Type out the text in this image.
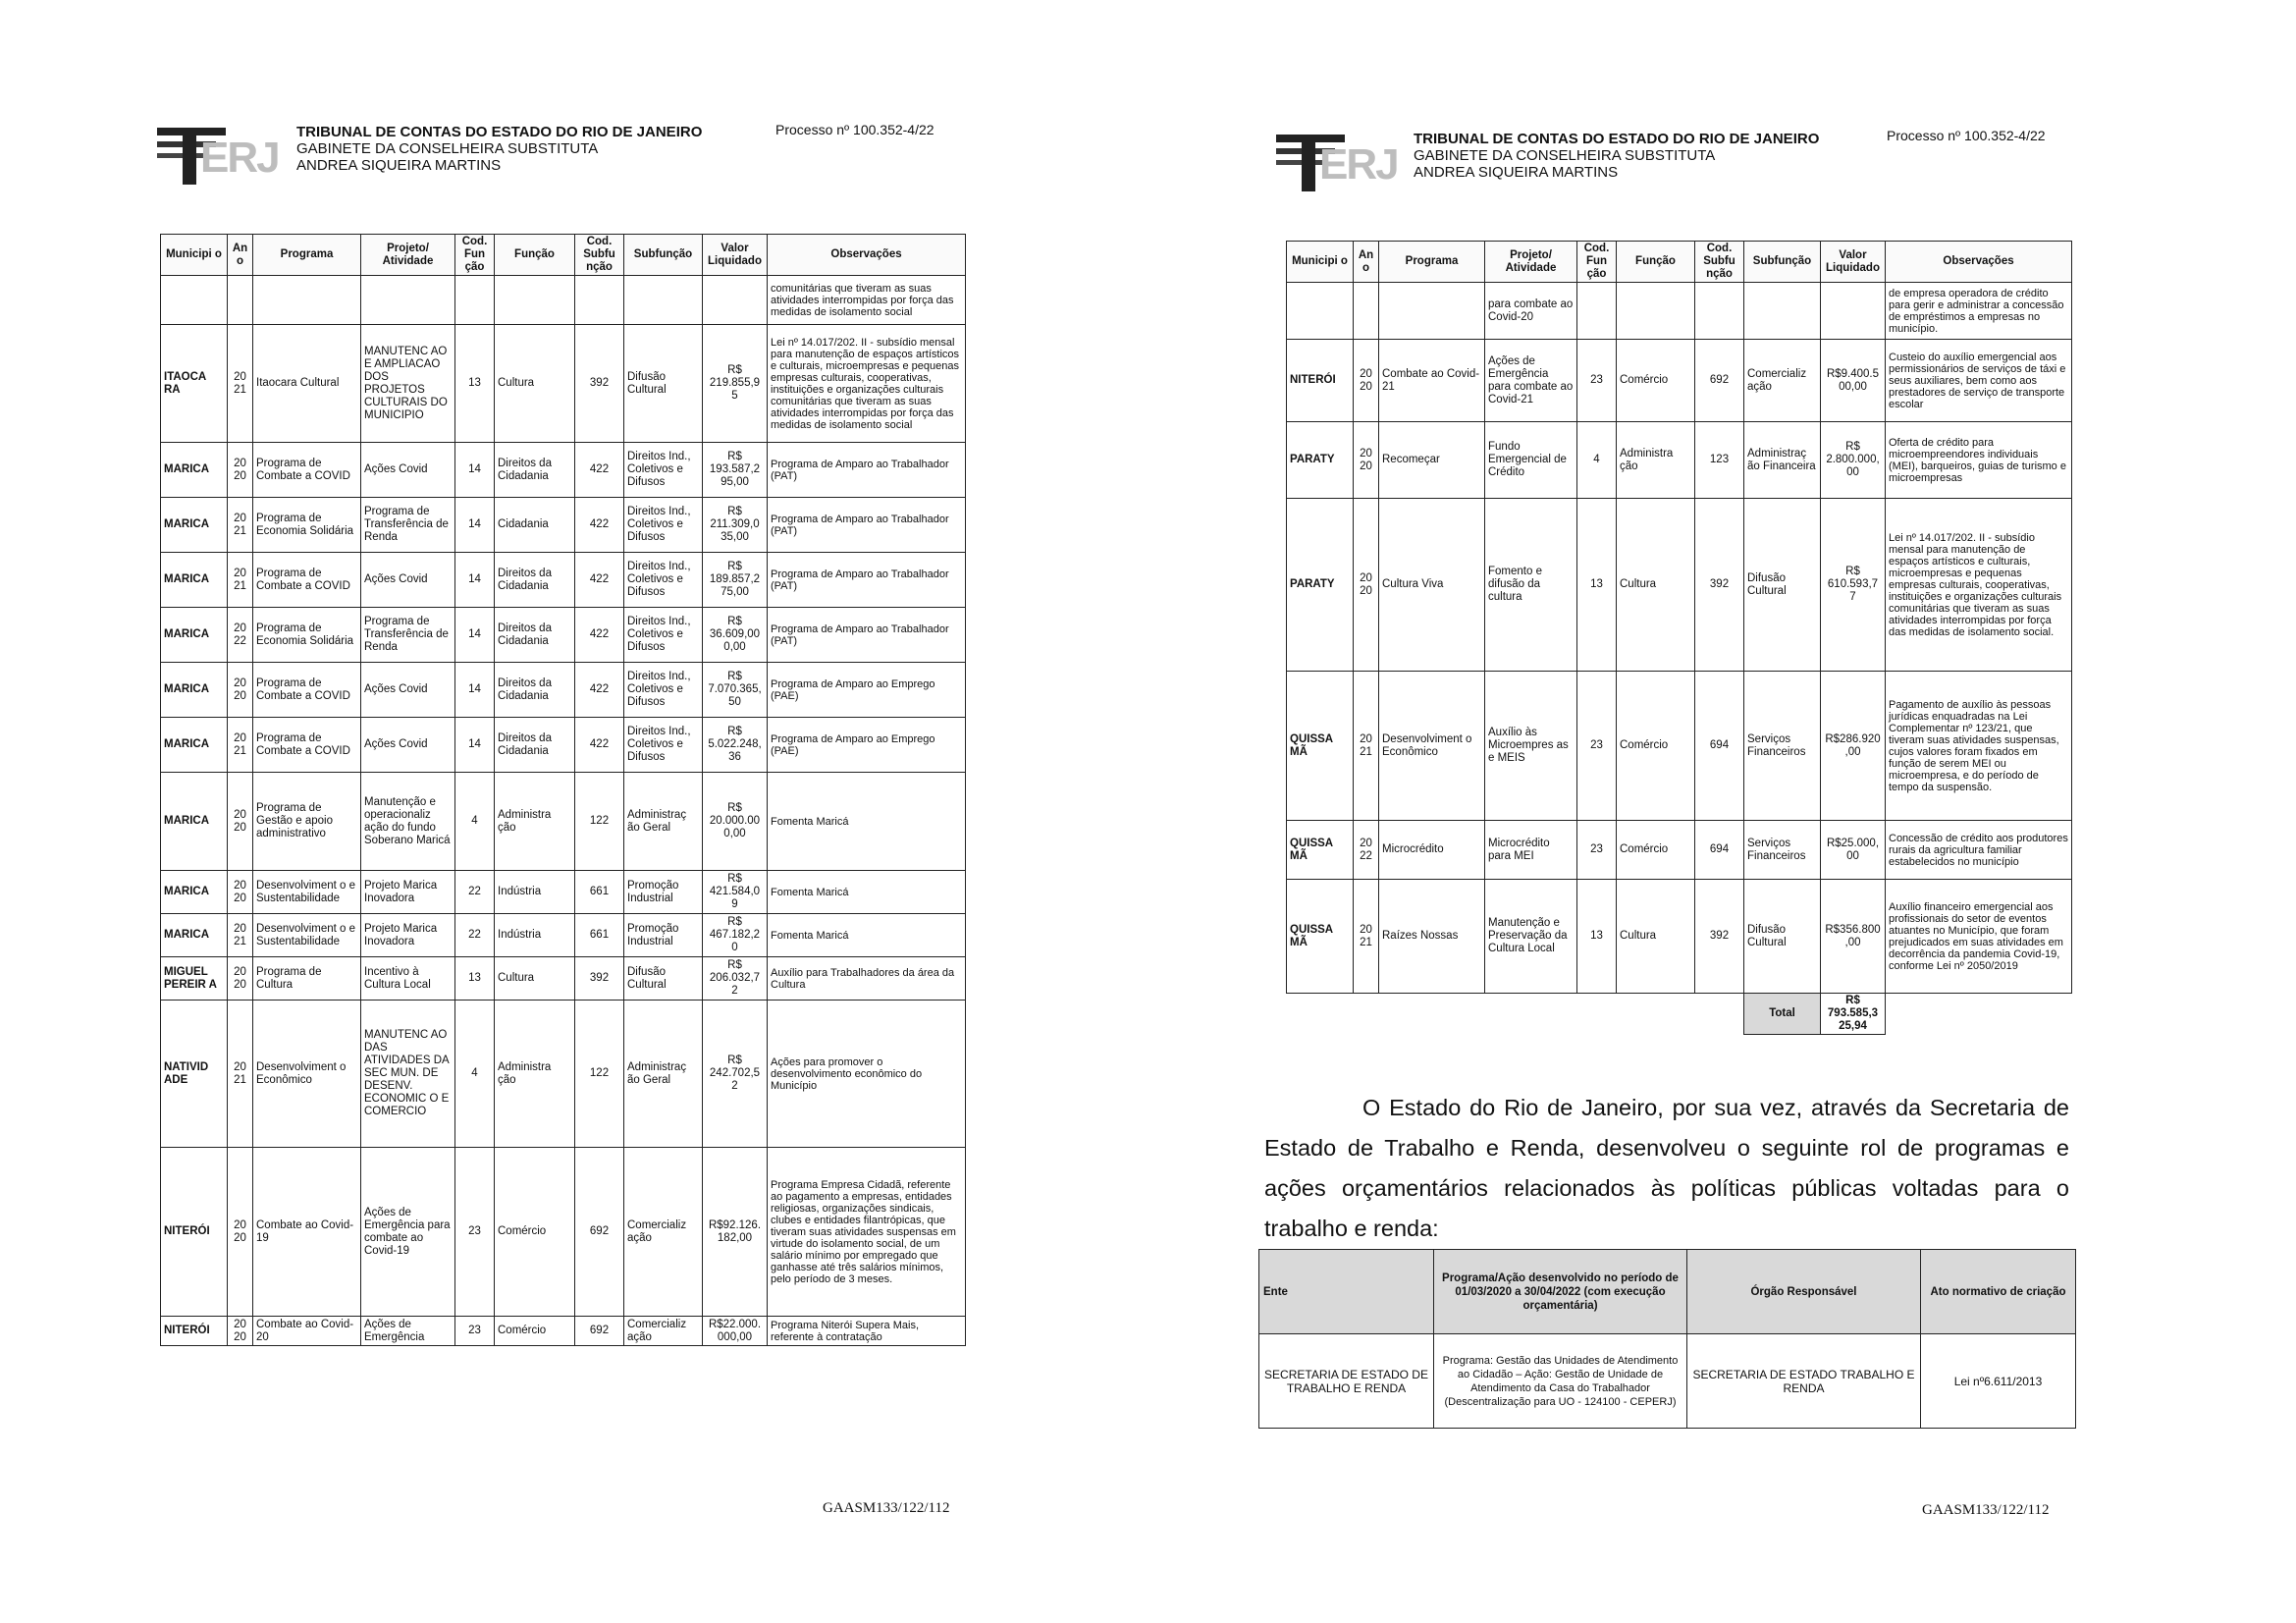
ERJ
TRIBUNAL DE CONTAS DO ESTADO DO RIO DE JANEIRO
GABINETE DA CONSELHEIRA SUBSTITUTA
ANDREA SIQUEIRA MARTINS
Processo nº 100.352-4/22
Municipi o	An o	Programa	Projeto/ Atividade	Cod. Fun ção	Função	Cod. Subfu nção	Subfunção	Valor Liquidado	Observações
									comunitárias que tiveram as suas atividades interrompidas por força das medidas de isolamento social
ITAOCA RA	20 21	Itaocara Cultural	MANUTENC AO E AMPLIACAO DOS PROJETOS CULTURAIS DO MUNICIPIO	13	Cultura	392	Difusão Cultural	R$ 219.855,9 5	Lei nº 14.017/202. II - subsídio mensal para manutenção de espaços artísticos e culturais, microempresas e pequenas empresas culturais, cooperativas, instituições e organizações culturais comunitárias que tiveram as suas atividades interrompidas por força das medidas de isolamento social
MARICA	20 20	Programa de Combate a COVID	Ações Covid	14	Direitos da Cidadania	422	Direitos Ind., Coletivos e Difusos	R$ 193.587,2 95,00	Programa de Amparo ao Trabalhador (PAT)
MARICA	20 21	Programa de Economia Solidária	Programa de Transferência de Renda	14	Cidadania	422	Direitos Ind., Coletivos e Difusos	R$ 211.309,0 35,00	Programa de Amparo ao Trabalhador (PAT)
MARICA	20 21	Programa de Combate a COVID	Ações Covid	14	Direitos da Cidadania	422	Direitos Ind., Coletivos e Difusos	R$ 189.857,2 75,00	Programa de Amparo ao Trabalhador (PAT)
MARICA	20 22	Programa de Economia Solidária	Programa de Transferência de Renda	14	Direitos da Cidadania	422	Direitos Ind., Coletivos e Difusos	R$ 36.609,00 0,00	Programa de Amparo ao Trabalhador (PAT)
MARICA	20 20	Programa de Combate a COVID	Ações Covid	14	Direitos da Cidadania	422	Direitos Ind., Coletivos e Difusos	R$ 7.070.365, 50	Programa de Amparo ao Emprego (PAE)
MARICA	20 21	Programa de Combate a COVID	Ações Covid	14	Direitos da Cidadania	422	Direitos Ind., Coletivos e Difusos	R$ 5.022.248, 36	Programa de Amparo ao Emprego (PAE)
MARICA	20 20	Programa de Gestão e apoio administrativo	Manutenção e operacionaliz ação do fundo Soberano Maricá	4	Administra ção	122	Administraç ão Geral	R$ 20.000.00 0,00	Fomenta Maricá
MARICA	20 20	Desenvolviment o e Sustentabilidade	Projeto Marica Inovadora	22	Indústria	661	Promoção Industrial	R$ 421.584,0 9	Fomenta Maricá
MARICA	20 21	Desenvolviment o e Sustentabilidade	Projeto Marica Inovadora	22	Indústria	661	Promoção Industrial	R$ 467.182,2 0	Fomenta Maricá
MIGUEL PEREIR A	20 20	Programa de Cultura	Incentivo à Cultura Local	13	Cultura	392	Difusão Cultural	R$ 206.032,7 2	Auxílio para Trabalhadores da área da Cultura
NATIVID ADE	20 21	Desenvolviment o Econômico	MANUTENC AO DAS ATIVIDADES DA SEC MUN. DE DESENV. ECONOMIC O E COMERCIO	4	Administra ção	122	Administraç ão Geral	R$ 242.702,5 2	Ações para promover o desenvolvimento econômico do Município
NITERÓI	20 20	Combate ao Covid-19	Ações de Emergência para combate ao Covid-19	23	Comércio	692	Comercializ ação	R$92.126. 182,00	Programa Empresa Cidadã, referente ao pagamento a empresas, entidades religiosas, organizações sindicais, clubes e entidades filantrópicas, que tiveram suas atividades suspensas em virtude do isolamento social, de um salário mínimo por empregado que ganhasse até três salários mínimos, pelo período de 3 meses.
NITERÓI	20 20	Combate ao Covid-20	Ações de Emergência	23	Comércio	692	Comercializ ação	R$22.000. 000,00	Programa Niterói Supera Mais, referente à contratação
GAASM133/122/112
ERJ
TRIBUNAL DE CONTAS DO ESTADO DO RIO DE JANEIRO
GABINETE DA CONSELHEIRA SUBSTITUTA
ANDREA SIQUEIRA MARTINS
Processo nº 100.352-4/22
Municipi o	An o	Programa	Projeto/ Atividade	Cod. Fun ção	Função	Cod. Subfu nção	Subfunção	Valor Liquidado	Observações
			para combate ao Covid-20						de empresa operadora de crédito para gerir e administrar a concessão de empréstimos a empresas no município.
NITERÓI	20 20	Combate ao Covid-21	Ações de Emergência para combate ao Covid-21	23	Comércio	692	Comercializ ação	R$9.400.5 00,00	Custeio do auxílio emergencial aos permissionários de serviços de táxi e seus auxiliares, bem como aos prestadores de serviço de transporte escolar
PARATY	20 20	Recomeçar	Fundo Emergencial de Crédito	4	Administra ção	123	Administraç ão Financeira	R$ 2.800.000, 00	Oferta de crédito para microempreendores individuais (MEI), barqueiros, guias de turismo e microempresas
PARATY	20 20	Cultura Viva	Fomento e difusão da cultura	13	Cultura	392	Difusão Cultural	R$ 610.593,7 7	Lei nº 14.017/202. II - subsídio mensal para manutenção de espaços artísticos e culturais, microempresas e pequenas empresas culturais, cooperativas, instituições e organizações culturais comunitárias que tiveram as suas atividades interrompidas por força das medidas de isolamento social.
QUISSA MÃ	20 21	Desenvolviment o Econômico	Auxílio às Microempres as e MEIS	23	Comércio	694	Serviços Financeiros	R$286.920 ,00	Pagamento de auxílio às pessoas jurídicas enquadradas na Lei Complementar nº 123/21, que tiveram suas atividades suspensas, cujos valores foram fixados em função de serem MEI ou microempresa, e do período de tempo da suspensão.
QUISSA MÃ	20 22	Microcrédito	Microcrédito para MEI	23	Comércio	694	Serviços Financeiros	R$25.000, 00	Concessão de crédito aos produtores rurais da agricultura familiar estabelecidos no município
QUISSA MÃ	20 21	Raízes Nossas	Manutenção e Preservação da Cultura Local	13	Cultura	392	Difusão Cultural	R$356.800 ,00	Auxílio financeiro emergencial aos profissionais do setor de eventos atuantes no Município, que foram prejudicados em suas atividades em decorrência da pandemia Covid-19, conforme Lei nº 2050/2019
							Total	R$ 793.585,3 25,94	
O Estado do Rio de Janeiro, por sua vez, através da Secretaria de Estado de Trabalho e Renda, desenvolveu o seguinte rol de programas e ações orçamentários relacionados às políticas públicas voltadas para o trabalho e renda:
Ente	Programa/Ação desenvolvido no período de 01/03/2020 a 30/04/2022 (com execução orçamentária)	Órgão Responsável	Ato normativo de criação
SECRETARIA DE ESTADO DE TRABALHO E RENDA	Programa: Gestão das Unidades de Atendimento ao Cidadão – Ação: Gestão de Unidade de Atendimento da Casa do Trabalhador (Descentralização para UO - 124100 - CEPERJ)	SECRETARIA DE ESTADO TRABALHO E RENDA	Lei nº6.611/2013
GAASM133/122/112
